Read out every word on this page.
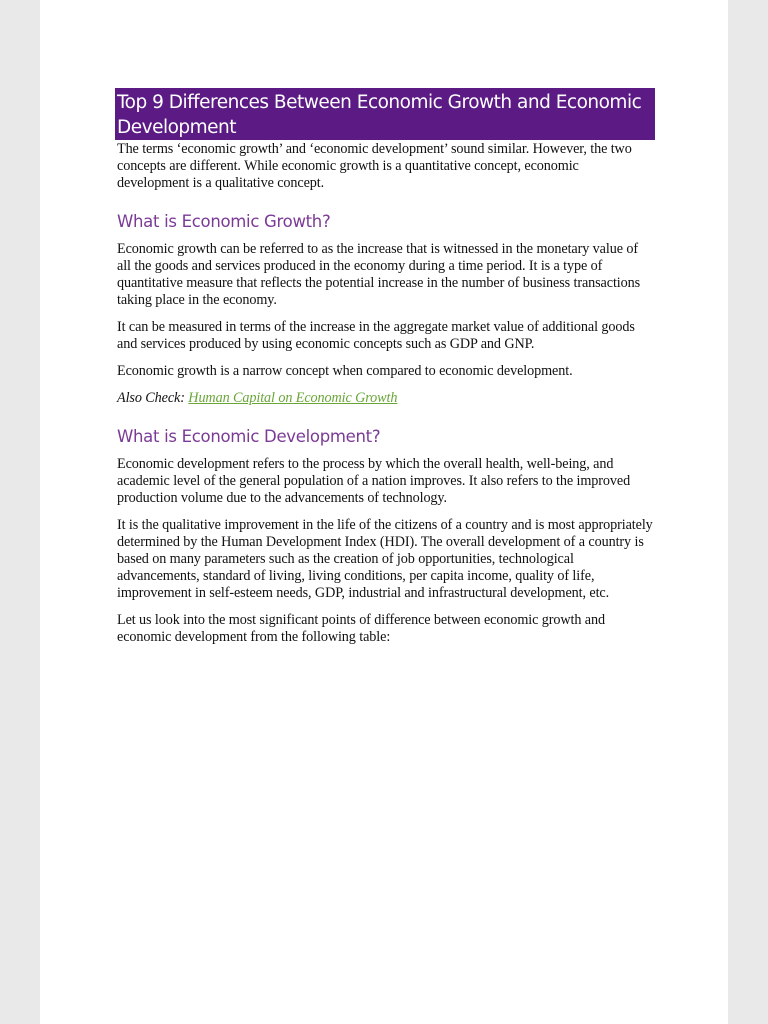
Top 9 Differences Between Economic Growth and Economic Development

The terms ‘economic growth’ and ‘economic development’ sound similar. However, the two concepts are different. While economic growth is a quantitative concept, economic development is a qualitative concept.

What is Economic Growth?

Economic growth can be referred to as the increase that is witnessed in the monetary value of all the goods and services produced in the economy during a time period. It is a type of quantitative measure that reflects the potential increase in the number of business transactions taking place in the economy.

It can be measured in terms of the increase in the aggregate market value of additional goods and services produced by using economic concepts such as GDP and GNP.

Economic growth is a narrow concept when compared to economic development.

Also Check: Human Capital on Economic Growth

What is Economic Development?

Economic development refers to the process by which the overall health, well-being, and academic level of the general population of a nation improves. It also refers to the improved production volume due to the advancements of technology.

It is the qualitative improvement in the life of the citizens of a country and is most appropriately determined by the Human Development Index (HDI). The overall development of a country is based on many parameters such as the creation of job opportunities, technological advancements, standard of living, living conditions, per capita income, quality of life, improvement in self-esteem needs, GDP, industrial and infrastructural development, etc.

Let us look into the most significant points of difference between economic growth and economic development from the following table:
